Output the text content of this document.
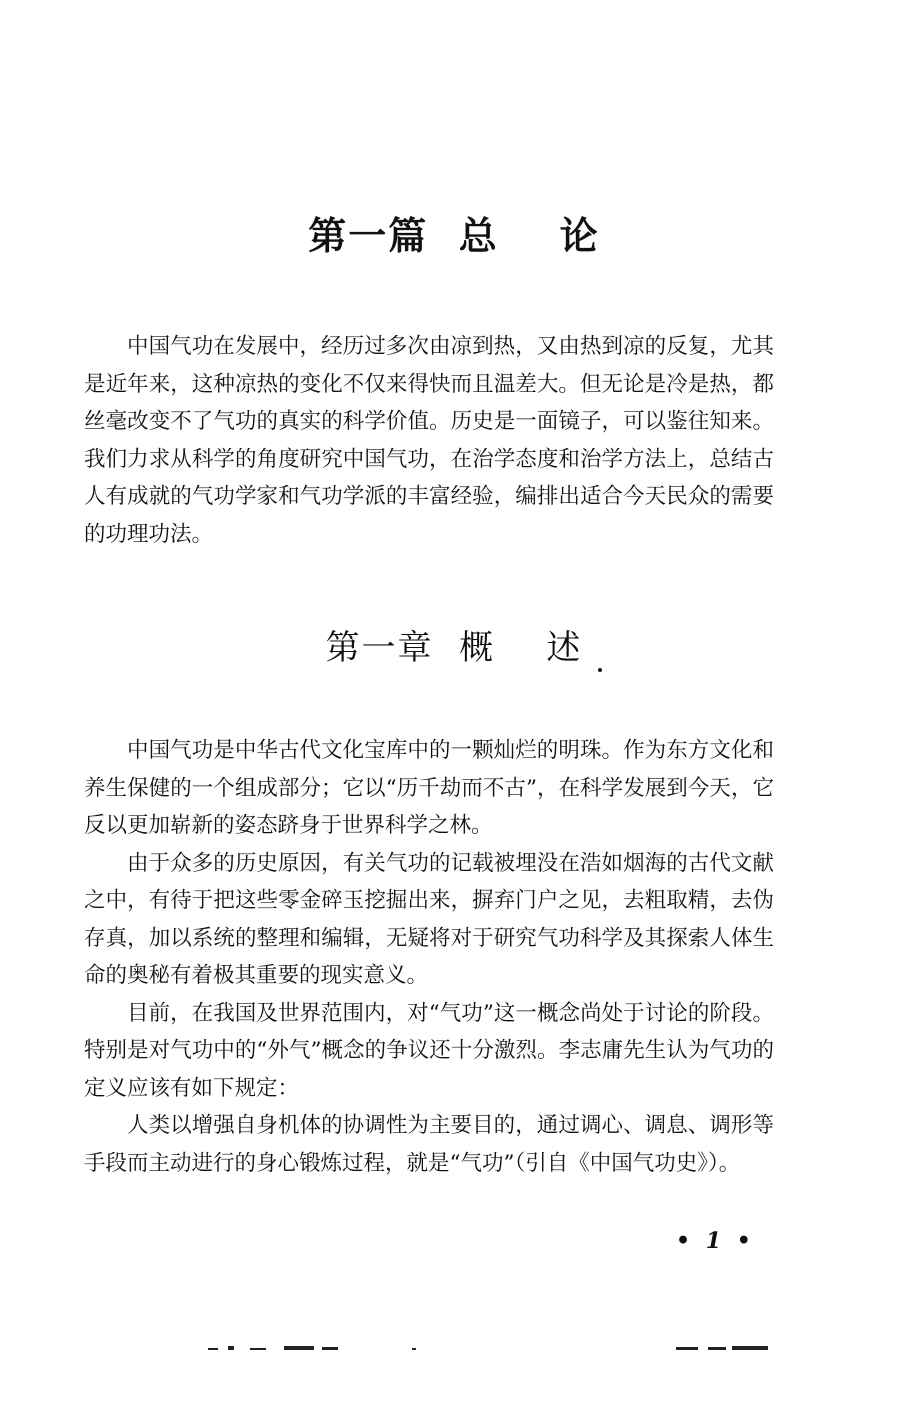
第一篇  总    论

中国气功在发展中，经历过多次由凉到热，又由热到凉的反复，尤其是近年来，这种凉热的变化不仅来得快而且温差大。但无论是冷是热，都丝毫改变不了气功的真实的科学价值。历史是一面镜子，可以鉴往知来。我们力求从科学的角度研究中国气功，在治学态度和治学方法上，总结古人有成就的气功学家和气功学派的丰富经验，编排出适合今天民众的需要的功理功法。

第一章  概    述

中国气功是中华古代文化宝库中的一颗灿烂的明珠。作为东方文化和养生保健的一个组成部分；它以“历千劫而不古”，在科学发展到今天，它反以更加崭新的姿态跻身于世界科学之林。

由于众多的历史原因，有关气功的记载被埋没在浩如烟海的古代文献之中，有待于把这些零金碎玉挖掘出来，摒弃门户之见，去粗取精，去伪存真，加以系统的整理和编辑，无疑将对于研究气功科学及其探索人体生命的奥秘有着极其重要的现实意义。

目前，在我国及世界范围内，对“气功”这一概念尚处于讨论的阶段。特别是对气功中的“外气”概念的争议还十分激烈。李志庸先生认为气功的定义应该有如下规定：

人类以增强自身机体的协调性为主要目的，通过调心、调息、调形等手段而主动进行的身心锻炼过程，就是“气功”（引自《中国气功史》）。

• 1 •
